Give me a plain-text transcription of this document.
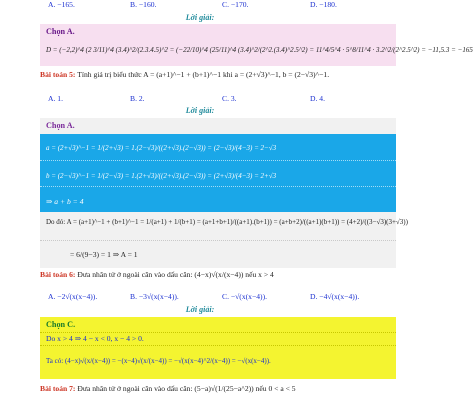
A. −165.	B. −160.	C. −170.	D. −180.
Lời giải:
Chọn A.
D = (−2,2)^4 (2 3/11)^4 (3.4)^2/(2.3.4.5)^2 = (−22/10)^4 (25/11)^4 (3.4)^2/(2^2.(3.4)^2.5^2) = 11^4/5^4 · 5^8/11^4 · 3.2^2/(2^2.5^2) = −11,5.3 = −165
Bài toán 5: Tính giá trị biểu thức A = (a+1)^−1 + (b+1)^−1 khi a = (2+√3)^−1, b = (2−√3)^−1.
A. 1.	B. 2.	C. 3.	D. 4.
Lời giải:
Chọn A.
a = (2+√3)^−1 = 1/(2+√3) = 1.(2−√3)/((2+√3).(2−√3)) = (2−√3)/(4−3) = 2−√3
b = (2−√3)^−1 = 1/(2−√3) = 1.(2+√3)/((2+√3).(2−√3)) = (2+√3)/(4−3) = 2+√3
⇒ a + b = 4
Do đó: A = (a+1)^−1 + (b+1)^−1 = 1/(a+1) + 1/(b+1) = (a+1+b+1)/((a+1).(b+1)) = (a+b+2)/((a+1)(b+1)) = (4+2)/((3−√3)(3+√3))
= 6/(9−3) = 1 ⇒ A = 1
Bài toán 6: Đưa nhân tử ở ngoài căn vào dấu căn: (4−x)√(x/(x−4)) nếu x > 4
A. −2√(x(x−4)).	B. −3√(x(x−4)).	C. −√(x(x−4)).	D. −4√(x(x−4)).
Lời giải:
Chọn C.
Do x > 4 ⇒ 4 − x < 0, x − 4 > 0.
Ta có: (4−x)√(x/(x−4)) = −(x−4)√(x/(x−4)) = −√(x(x−4)^2/(x−4)) = −√(x(x−4)).
Bài toán 7: Đưa nhân tử ở ngoài căn vào dấu căn: (5−a)√(1/(25−a^2)) nếu 0 < a < 5
